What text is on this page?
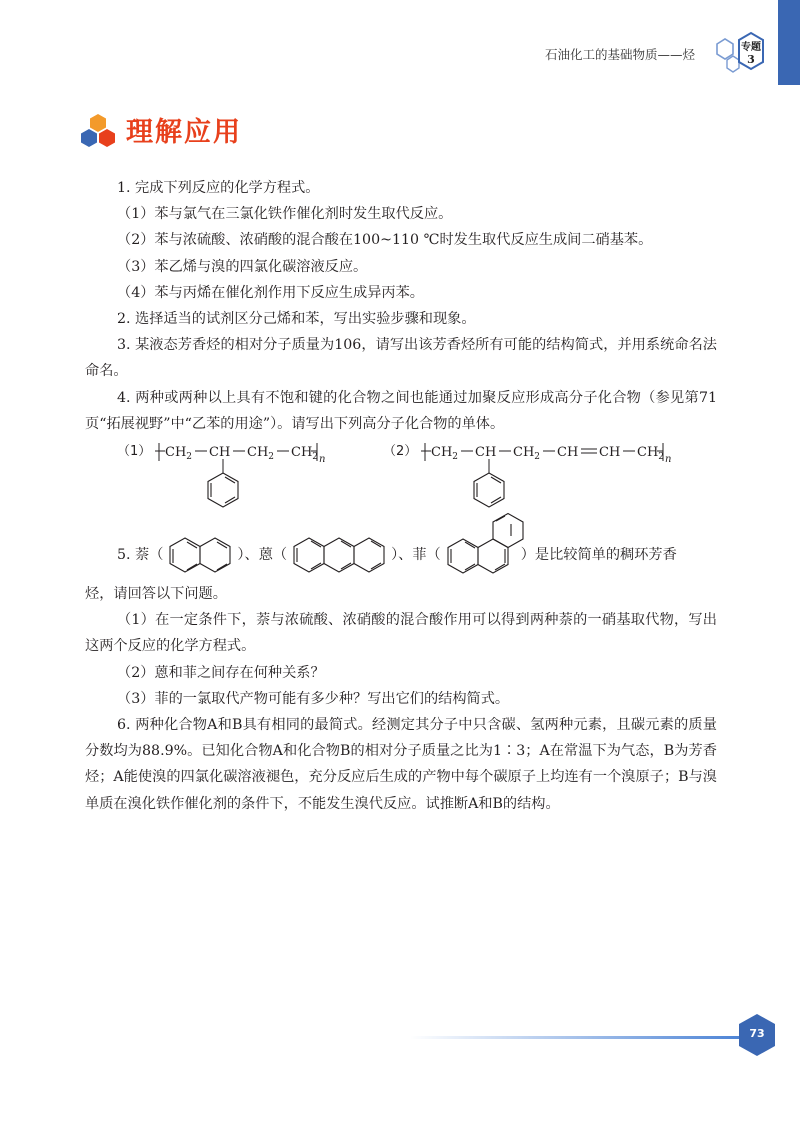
石油化工的基础物质——烃	专题
3
理解应用

1. 完成下列反应的化学方程式。

（1）苯与氯气在三氯化铁作催化剂时发生取代反应。

（2）苯与浓硫酸、浓硝酸的混合酸在100~110 ℃时发生取代反应生成间二硝基苯。

（3）苯乙烯与溴的四氯化碳溶液反应。

（4）苯与丙烯在催化剂作用下反应生成异丙苯。

2. 选择适当的试剂区分己烯和苯，写出实验步骤和现象。

3. 某液态芳香烃的相对分子质量为106，请写出该芳香烃所有可能的结构简式，并用系统命名法命名。

4. 两种或两种以上具有不饱和键的化合物之间也能通过加聚反应形成高分子化合物（参见第71页“拓展视野”中“乙苯的用途”）。请写出下列高分子化合物的单体。

（1） $CH_2$ CH $CH_2$ $CH_2$ n
（2） $CH_2$ CH $CH_2$ CH CH $CH_2$ n
5. 萘（	）、蒽（	）、菲（	）是比较简单的稠环芳香

烃，请回答以下问题。

（1）在一定条件下，萘与浓硫酸、浓硝酸的混合酸作用可以得到两种萘的一硝基取代物，写出这两个反应的化学方程式。

（2）蒽和菲之间存在何种关系？

（3）菲的一氯取代产物可能有多少种？写出它们的结构简式。

6. 两种化合物A和B具有相同的最简式。经测定其分子中只含碳、氢两种元素，且碳元素的质量分数均为88.9%。已知化合物A和化合物B的相对分子质量之比为1∶3；A在常温下为气态，B为芳香烃；A能使溴的四氯化碳溶液褪色，充分反应后生成的产物中每个碳原子上均连有一个溴原子；B与溴单质在溴化铁作催化剂的条件下，不能发生溴代反应。试推断A和B的结构。

73
